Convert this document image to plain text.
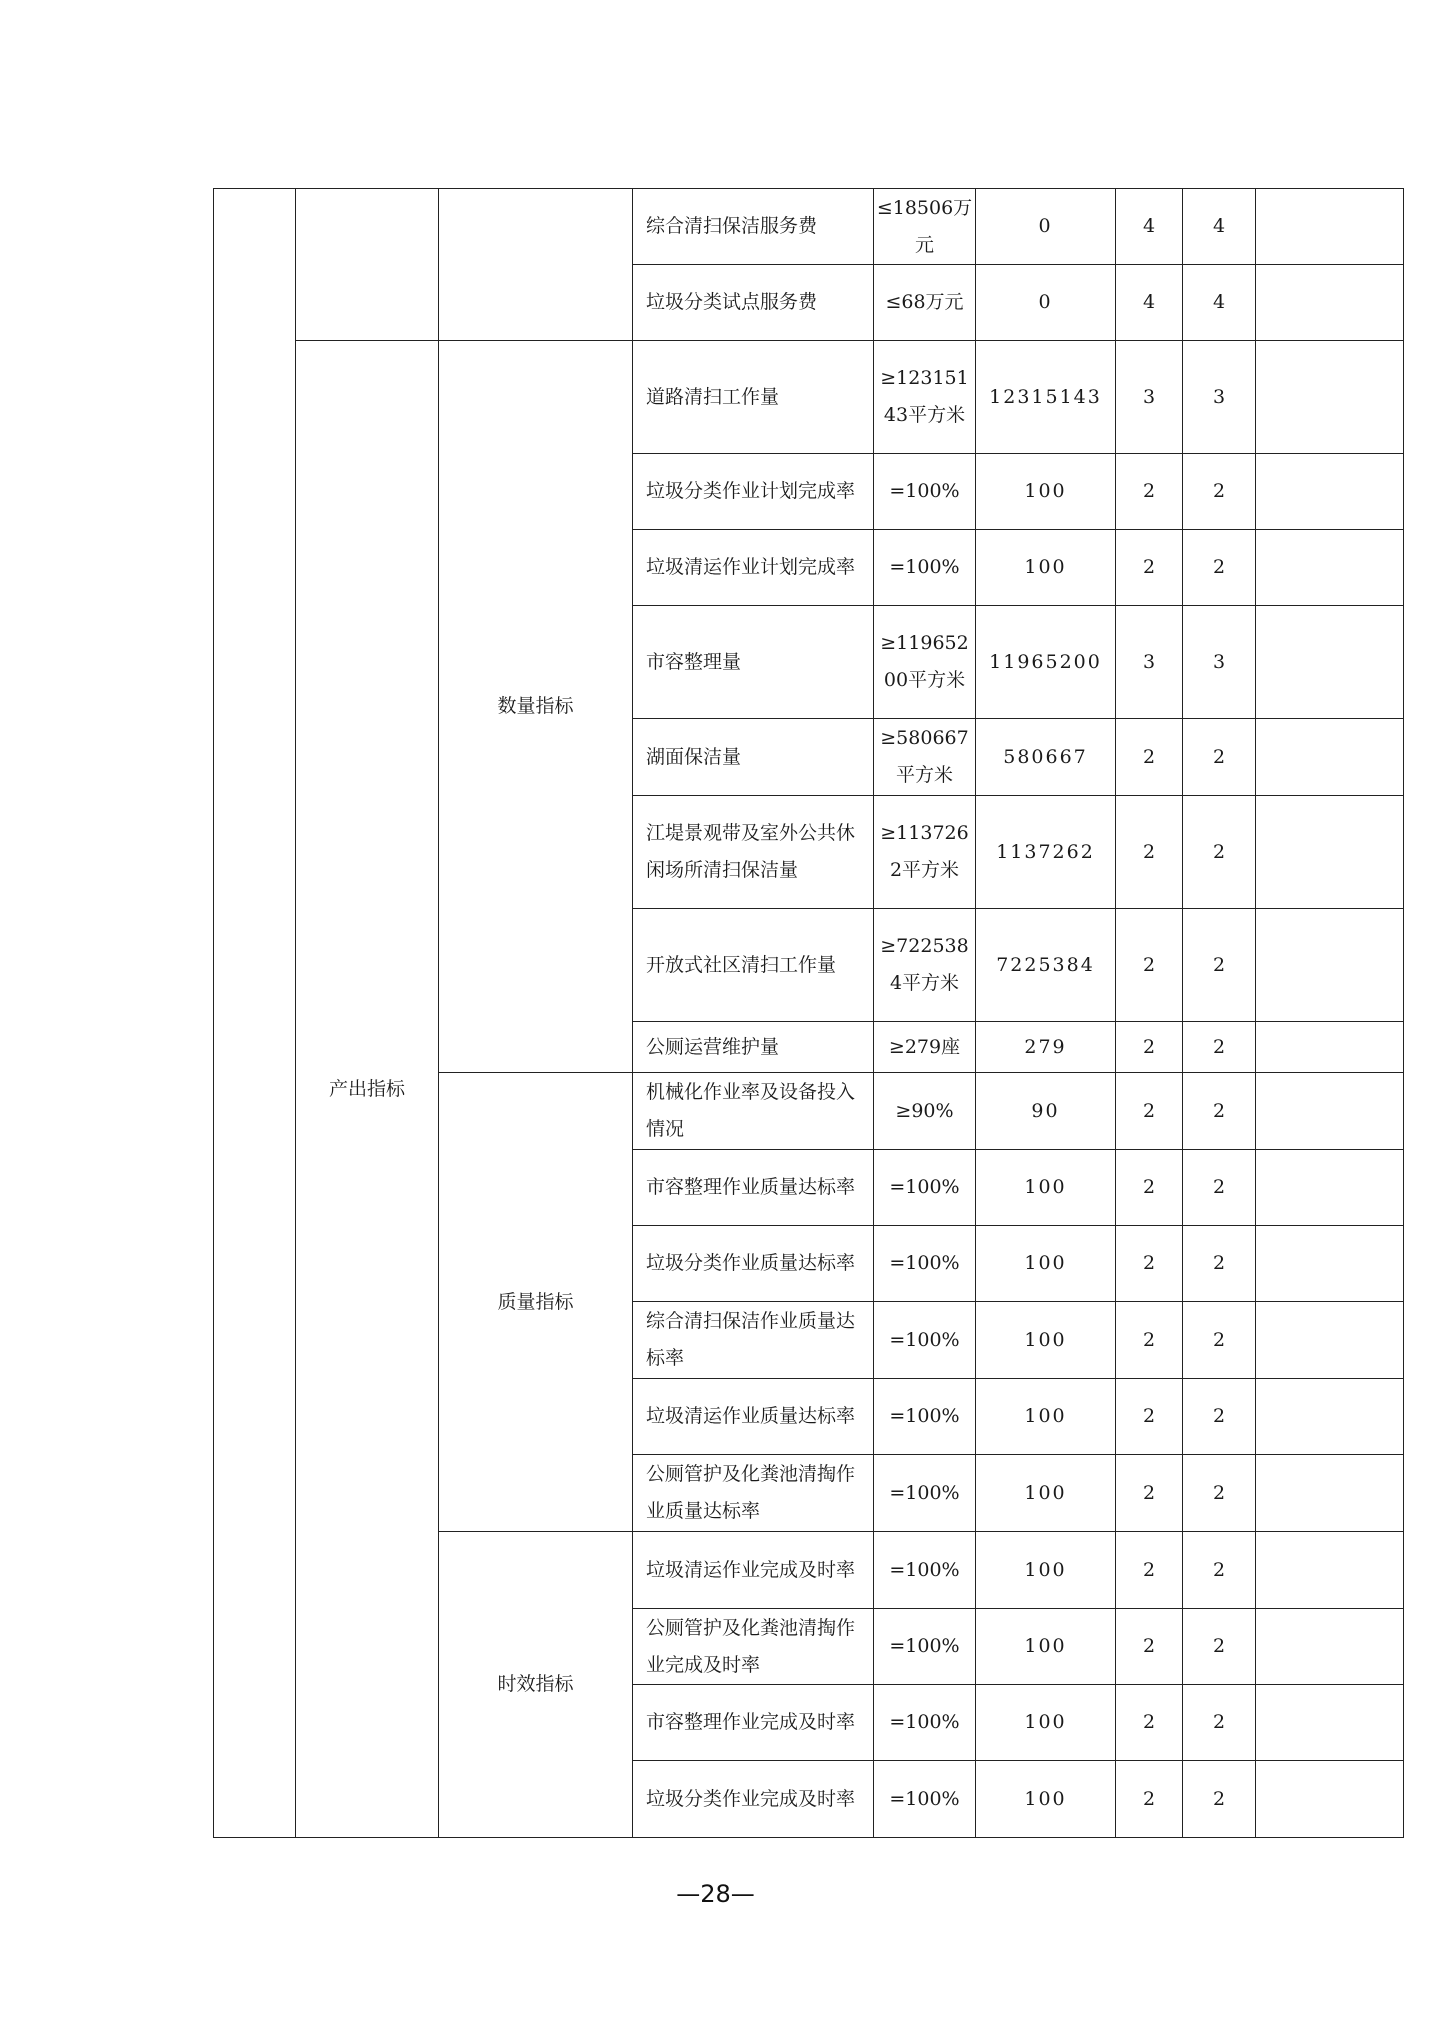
			综合清扫保洁服务费	≤18506万元	0	4	4	
			垃圾分类试点服务费	≤68万元	0	4	4	
	产出指标	数量指标	道路清扫工作量	≥12315143平方米	12315143	3	3	
			垃圾分类作业计划完成率	=100%	100	2	2	
			垃圾清运作业计划完成率	=100%	100	2	2	
			市容整理量	≥11965200平方米	11965200	3	3	
			湖面保洁量	≥580667平方米	580667	2	2	
			江堤景观带及室外公共休闲场所清扫保洁量	≥1137262平方米	1137262	2	2	
			开放式社区清扫工作量	≥7225384平方米	7225384	2	2	
			公厕运营维护量	≥279座	279	2	2	
		质量指标	机械化作业率及设备投入情况	≥90%	90	2	2	
			市容整理作业质量达标率	=100%	100	2	2	
			垃圾分类作业质量达标率	=100%	100	2	2	
			综合清扫保洁作业质量达标率	=100%	100	2	2	
			垃圾清运作业质量达标率	=100%	100	2	2	
			公厕管护及化粪池清掏作业质量达标率	=100%	100	2	2	
		时效指标	垃圾清运作业完成及时率	=100%	100	2	2	
			公厕管护及化粪池清掏作业完成及时率	=100%	100	2	2	
			市容整理作业完成及时率	=100%	100	2	2	
			垃圾分类作业完成及时率	=100%	100	2	2	
—28—
